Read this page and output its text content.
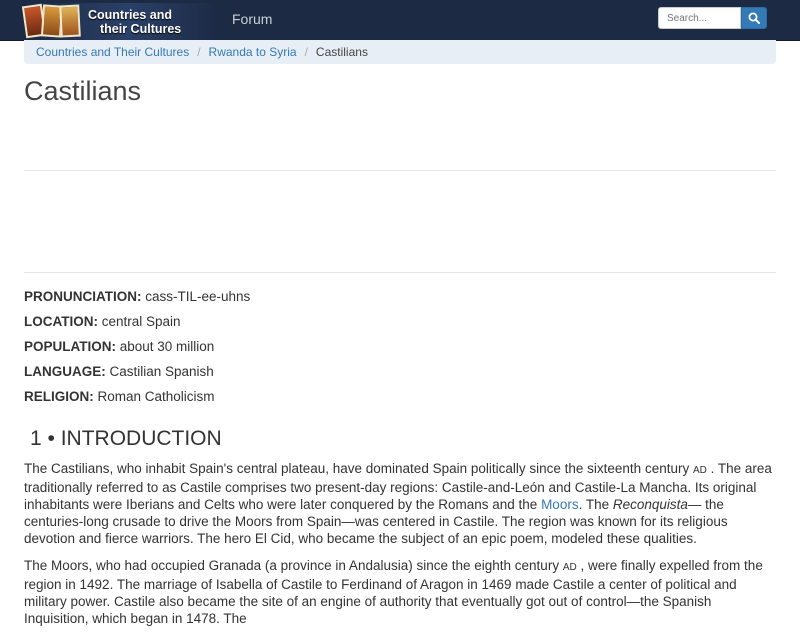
Countries and
their Cultures
Forum
Search...
Countries and Their Cultures / Rwanda to Syria / Castilians
Castilians
PRONUNCIATION: cass-TIL-ee-uhns
LOCATION: central Spain
POPULATION: about 30 million
LANGUAGE: Castilian Spanish
RELIGION: Roman Catholicism
1 • INTRODUCTION

The Castilians, who inhabit Spain's central plateau, have dominated Spain politically since the sixteenth century AD . The area traditionally referred to as Castile comprises two present-day regions: Castile-and-León and Castile-La Mancha. Its original inhabitants were Iberians and Celts who were later conquered by the Romans and the Moors. The Reconquista— the centuries-long crusade to drive the Moors from Spain—was centered in Castile. The region was known for its religious devotion and fierce warriors. The hero El Cid, who became the subject of an epic poem, modeled these qualities.

The Moors, who had occupied Granada (a province in Andalusia) since the eighth century AD , were finally expelled from the region in 1492. The marriage of Isabella of Castile to Ferdinand of Aragon in 1469 made Castile a center of political and military power. Castile also became the site of an engine of authority that eventually got out of control—the Spanish Inquisition, which began in 1478. The
